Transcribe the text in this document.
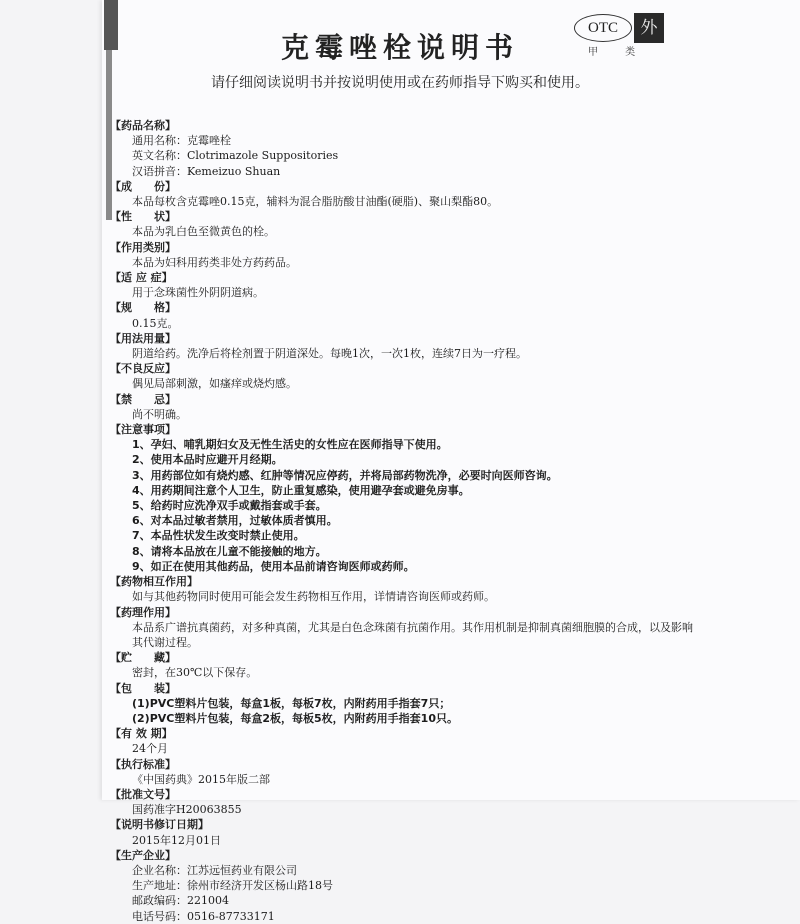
克霉唑栓说明书
OTC
甲 类
外
请仔细阅读说明书并按说明使用或在药师指导下购买和使用。
【药品名称】
通用名称：克霉唑栓
英文名称：Clotrimazole Suppositories
汉语拼音：Kemeizuo Shuan
【成　　份】
本品每枚含克霉唑0.15克，辅料为混合脂肪酸甘油酯(硬脂)、聚山梨酯80。
【性　　状】
本品为乳白色至微黄色的栓。
【作用类别】
本品为妇科用药类非处方药药品。
【适 应 症】
用于念珠菌性外阴阴道病。
【规　　格】
0.15克。
【用法用量】
阴道给药。洗净后将栓剂置于阴道深处。每晚1次，一次1枚，连续7日为一疗程。
【不良反应】
偶见局部刺激，如瘙痒或烧灼感。
【禁　　忌】
尚不明确。
【注意事项】
1、孕妇、哺乳期妇女及无性生活史的女性应在医师指导下使用。
2、使用本品时应避开月经期。
3、用药部位如有烧灼感、红肿等情况应停药，并将局部药物洗净，必要时向医师咨询。
4、用药期间注意个人卫生，防止重复感染，使用避孕套或避免房事。
5、给药时应洗净双手或戴指套或手套。
6、对本品过敏者禁用，过敏体质者慎用。
7、本品性状发生改变时禁止使用。
8、请将本品放在儿童不能接触的地方。
9、如正在使用其他药品，使用本品前请咨询医师或药师。
【药物相互作用】
如与其他药物同时使用可能会发生药物相互作用，详情请咨询医师或药师。
【药理作用】
本品系广谱抗真菌药，对多种真菌，尤其是白色念珠菌有抗菌作用。其作用机制是抑制真菌细胞膜的合成，以及影响其代谢过程。
【贮　　藏】
密封，在30℃以下保存。
【包　　装】
(1)PVC塑料片包装，每盒1板，每板7枚，内附药用手指套7只；
(2)PVC塑料片包装，每盒2板，每板5枚，内附药用手指套10只。
【有 效 期】
24个月
【执行标准】
《中国药典》2015年版二部
【批准文号】
国药准字H20063855
【说明书修订日期】
2015年12月01日
【生产企业】
企业名称：江苏远恒药业有限公司
生产地址：徐州市经济开发区杨山路18号
邮政编码：221004
电话号码：0516-87733171
